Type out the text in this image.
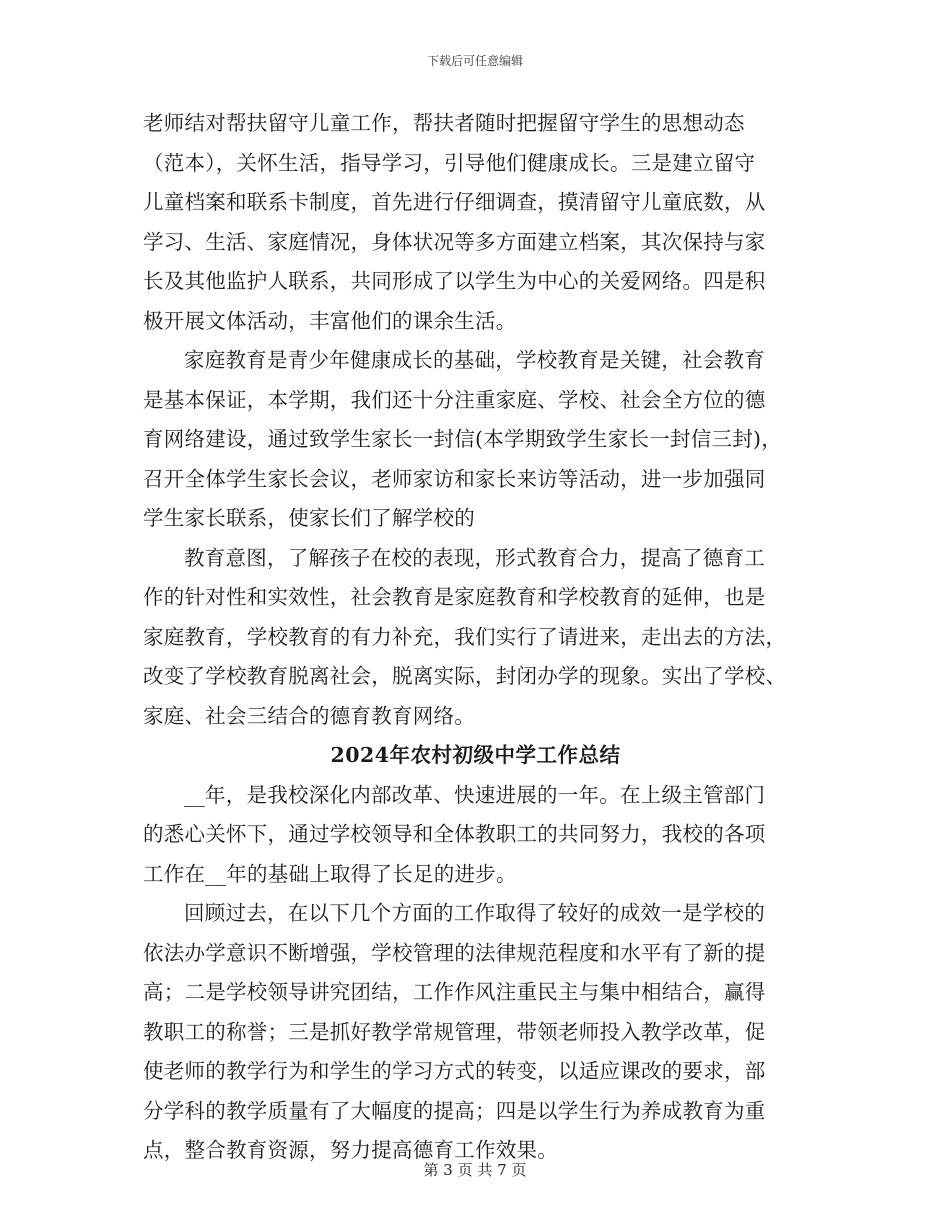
下载后可任意编辑
老师结对帮扶留守儿童工作，帮扶者随时把握留守学生的思想动态
（范本），关怀生活，指导学习，引导他们健康成长。三是建立留守
儿童档案和联系卡制度，首先进行仔细调查，摸清留守儿童底数，从
学习、生活、家庭情况，身体状况等多方面建立档案，其次保持与家
长及其他监护人联系，共同形成了以学生为中心的关爱网络。四是积
极开展文体活动，丰富他们的课余生活。
家庭教育是青少年健康成长的基础，学校教育是关键，社会教育
是基本保证，本学期，我们还十分注重家庭、学校、社会全方位的德
育网络建设，通过致学生家长一封信(本学期致学生家长一封信三封)，
召开全体学生家长会议，老师家访和家长来访等活动，进一步加强同
学生家长联系，使家长们了解学校的
教育意图，了解孩子在校的表现，形式教育合力，提高了德育工
作的针对性和实效性，社会教育是家庭教育和学校教育的延伸，也是
家庭教育，学校教育的有力补充，我们实行了请进来，走出去的方法，
改变了学校教育脱离社会，脱离实际，封闭办学的现象。实出了学校、
家庭、社会三结合的德育教育网络。
2024年农村初级中学工作总结
__年，是我校深化内部改革、快速进展的一年。在上级主管部门
的悉心关怀下，通过学校领导和全体教职工的共同努力，我校的各项
工作在__年的基础上取得了长足的进步。
回顾过去，在以下几个方面的工作取得了较好的成效一是学校的
依法办学意识不断增强，学校管理的法律规范程度和水平有了新的提
高；二是学校领导讲究团结，工作作风注重民主与集中相结合，赢得
教职工的称誉；三是抓好教学常规管理，带领老师投入教学改革，促
使老师的教学行为和学生的学习方式的转变，以适应课改的要求，部
分学科的教学质量有了大幅度的提高；四是以学生行为养成教育为重
点，整合教育资源，努力提高德育工作效果。
第 3 页 共 7 页
